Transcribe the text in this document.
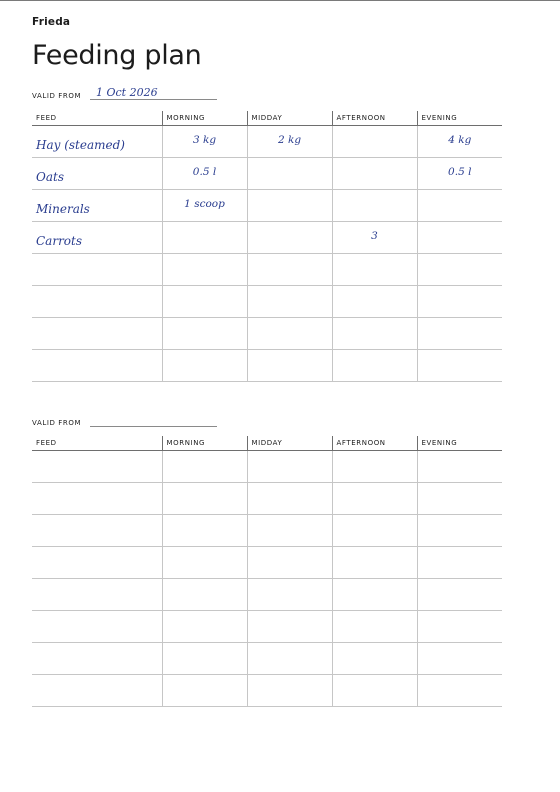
Frieda
Feeding plan
VALID FROM 1 Oct 2026
FEED	MORNING	MIDDAY	AFTERNOON	EVENING
Hay (steamed)	3 kg	2 kg		4 kg
Oats	0.5 l			0.5 l
Minerals	1 scoop			
Carrots			3	

VALID FROM
FEED	MORNING	MIDDAY	AFTERNOON	EVENING
